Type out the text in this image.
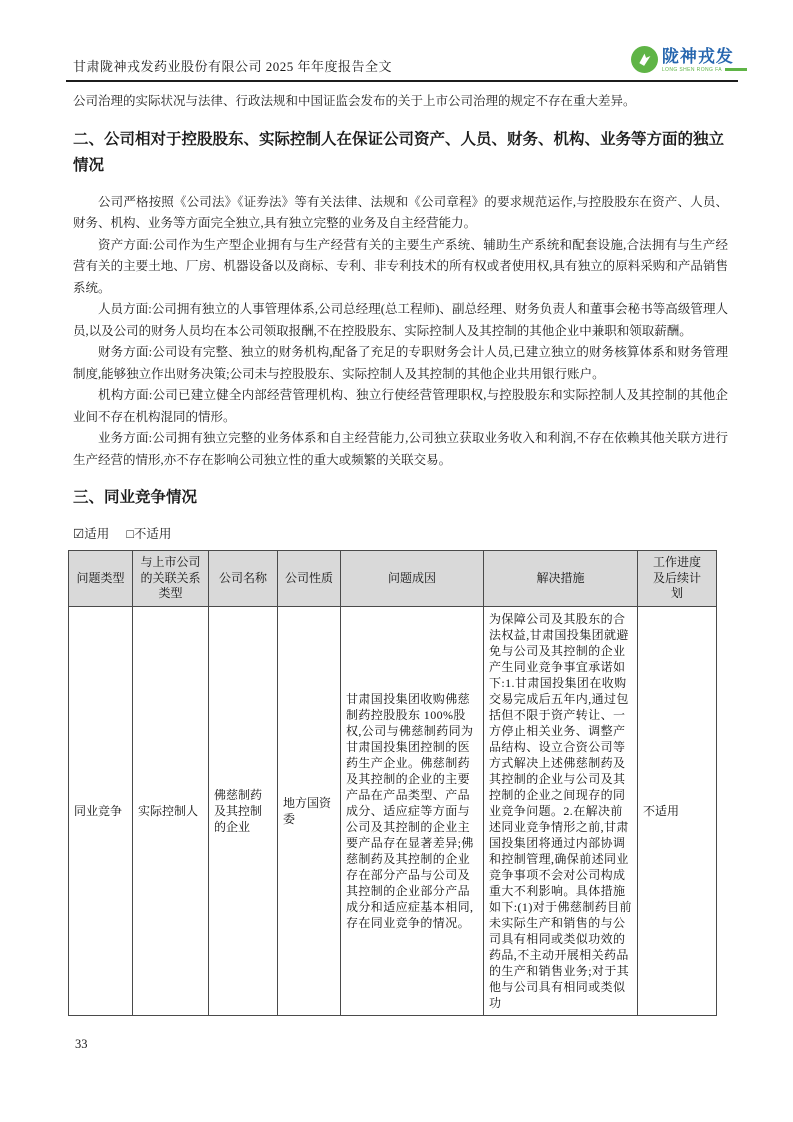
甘肃陇神戎发药业股份有限公司 2025 年年度报告全文
陇神戎发
LONG SHEN RONG FA

公司治理的实际状况与法律、行政法规和中国证监会发布的关于上市公司治理的规定不存在重大差异。

二、公司相对于控股股东、实际控制人在保证公司资产、人员、财务、机构、业务等方面的独立情况

公司严格按照《公司法》《证券法》等有关法律、法规和《公司章程》的要求规范运作,与控股股东在资产、人员、财务、机构、业务等方面完全独立,具有独立完整的业务及自主经营能力。

资产方面:公司作为生产型企业拥有与生产经营有关的主要生产系统、辅助生产系统和配套设施,合法拥有与生产经营有关的主要土地、厂房、机器设备以及商标、专利、非专利技术的所有权或者使用权,具有独立的原料采购和产品销售系统。

人员方面:公司拥有独立的人事管理体系,公司总经理(总工程师)、副总经理、财务负责人和董事会秘书等高级管理人员,以及公司的财务人员均在本公司领取报酬,不在控股股东、实际控制人及其控制的其他企业中兼职和领取薪酬。

财务方面:公司设有完整、独立的财务机构,配备了充足的专职财务会计人员,已建立独立的财务核算体系和财务管理制度,能够独立作出财务决策;公司未与控股股东、实际控制人及其控制的其他企业共用银行账户。

机构方面:公司已建立健全内部经营管理机构、独立行使经营管理职权,与控股股东和实际控制人及其控制的其他企业间不存在机构混同的情形。

业务方面:公司拥有独立完整的业务体系和自主经营能力,公司独立获取业务收入和利润,不存在依赖其他关联方进行生产经营的情形,亦不存在影响公司独立性的重大或频繁的关联交易。

三、同业竞争情况

☑适用 □不适用

问题类型	与上市公司的关联关系类型	公司名称	公司性质	问题成因	解决措施	工作进度及后续计划
同业竞争	实际控制人	佛慈制药及其控制的企业	地方国资委	甘肃国投集团收购佛慈制药控股股东 100%股权,公司与佛慈制药同为甘肃国投集团控制的医药生产企业。佛慈制药及其控制的企业的主要产品在产品类型、产品成分、适应症等方面与公司及其控制的企业主要产品存在显著差异;佛慈制药及其控制的企业存在部分产品与公司及其控制的企业部分产品成分和适应症基本相同,存在同业竞争的情况。	为保障公司及其股东的合法权益,甘肃国投集团就避免与公司及其控制的企业产生同业竞争事宜承诺如下:1.甘肃国投集团在收购交易完成后五年内,通过包括但不限于资产转让、一方停止相关业务、调整产品结构、设立合资公司等方式解决上述佛慈制药及其控制的企业与公司及其控制的企业之间现存的同业竞争问题。2.在解决前述同业竞争情形之前,甘肃国投集团将通过内部协调和控制管理,确保前述同业竞争事项不会对公司构成重大不利影响。具体措施如下:(1)对于佛慈制药目前未实际生产和销售的与公司具有相同或类似功效的药品,不主动开展相关药品的生产和销售业务;对于其他与公司具有相同或类似功	不适用
33
